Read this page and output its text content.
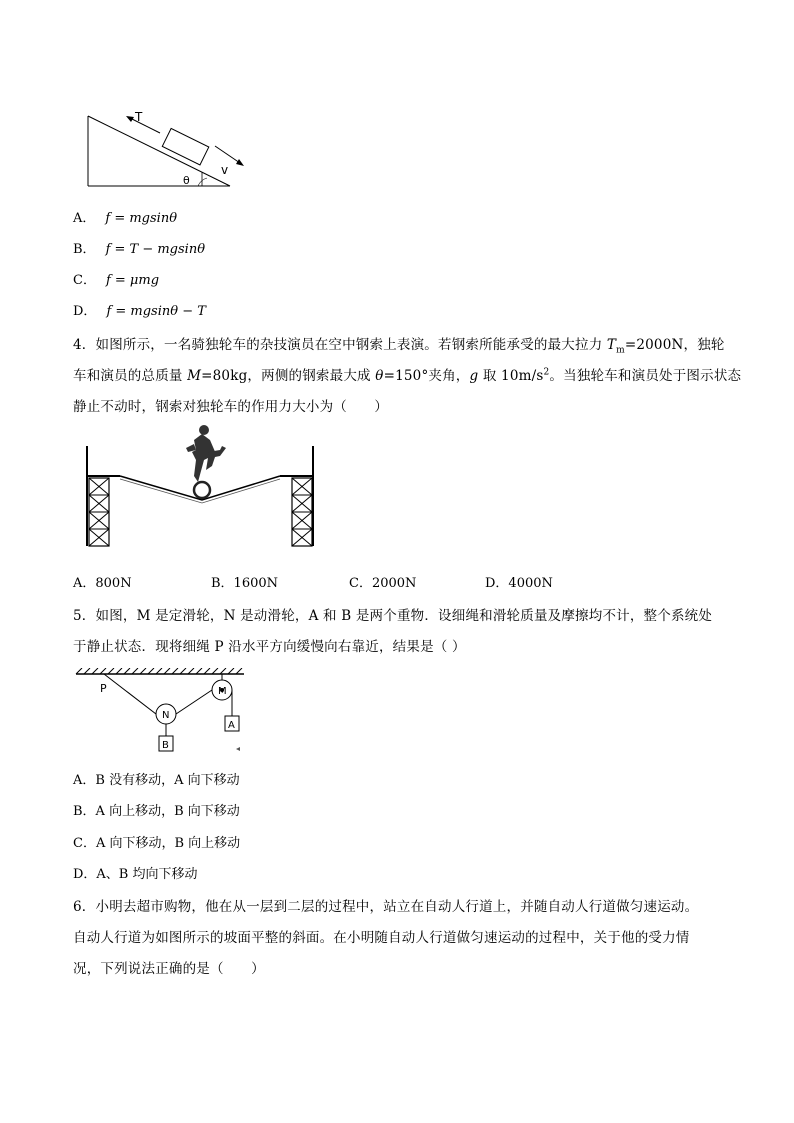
T
v
θ
A． f = mgsinθ
B． f = T − mgsinθ
C． f = μmg
D． f = mgsinθ − T
4．如图所示，一名骑独轮车的杂技演员在空中钢索上表演。若钢索所能承受的最大拉力 $T_m=2000N$，独轮
车和演员的总质量 M=80kg，两侧的钢索最大成 θ=150°夹角，g 取 $10m/s^2$。当独轮车和演员处于图示状态
静止不动时，钢索对独轮车的作用力大小为（　　）
A．800N	B．1600N	C．2000N	D．4000N
5．如图，M 是定滑轮，N 是动滑轮，A 和 B 是两个重物．设细绳和滑轮质量及摩擦均不计，整个系统处
于静止状态．现将细绳 P 沿水平方向缓慢向右靠近，结果是（ ）
P	M
N
A
B
A．B 没有移动，A 向下移动
B．A 向上移动，B 向下移动
C．A 向下移动，B 向上移动
D．A、B 均向下移动
6．小明去超市购物，他在从一层到二层的过程中，站立在自动人行道上，并随自动人行道做匀速运动。
自动人行道为如图所示的坡面平整的斜面。在小明随自动人行道做匀速运动的过程中，关于他的受力情
况，下列说法正确的是（　　）
